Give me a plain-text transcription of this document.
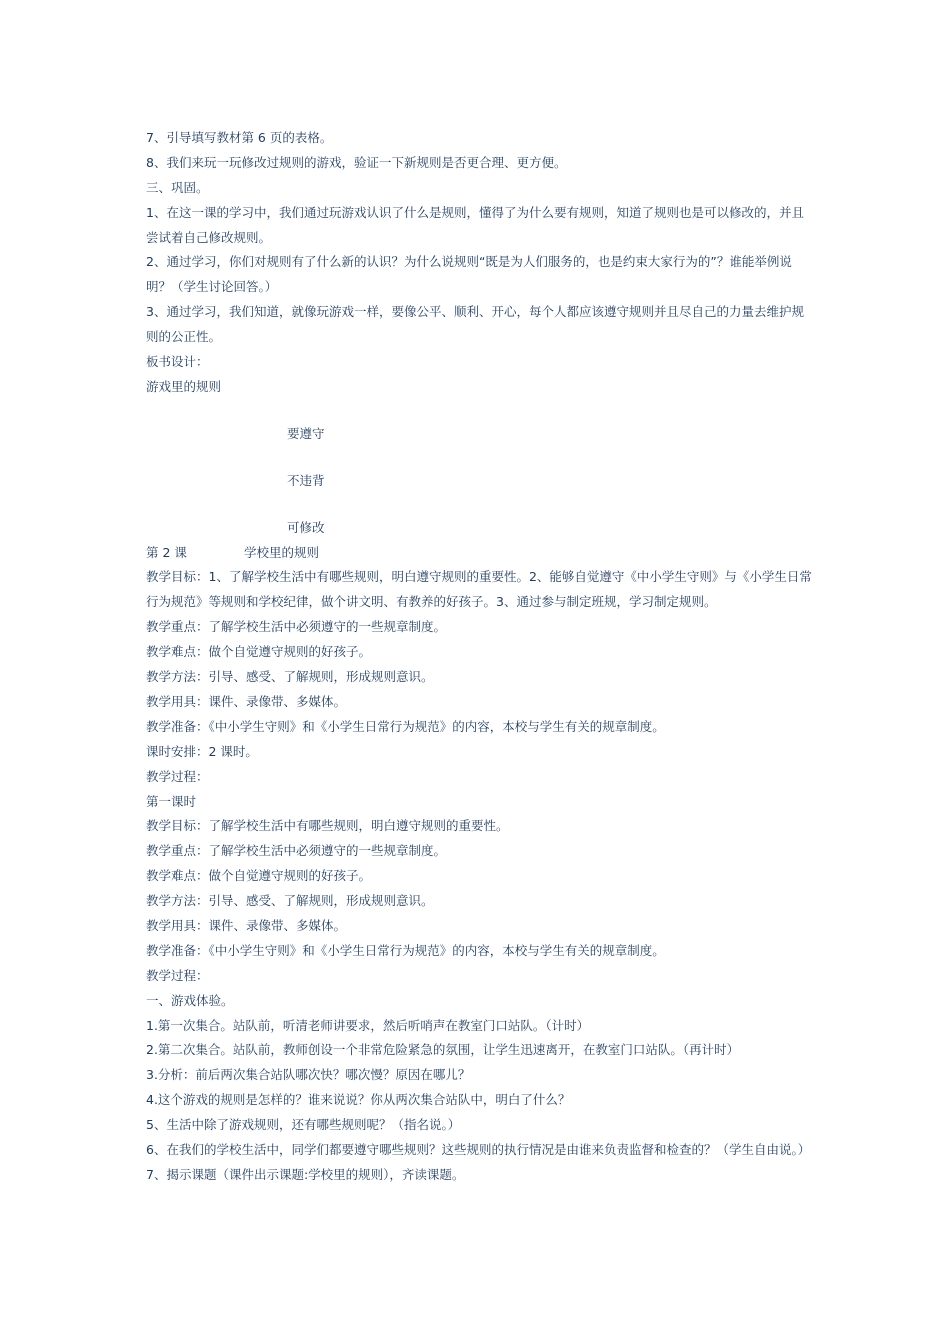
7、引导填写教材第 6 页的表格。
8、我们来玩一玩修改过规则的游戏，验证一下新规则是否更合理、更方便。
三、巩固。
1、在这一课的学习中，我们通过玩游戏认识了什么是规则，懂得了为什么要有规则，知道了规则也是可以修改的，并且尝试着自己修改规则。
2、通过学习，你们对规则有了什么新的认识？为什么说规则“既是为人们服务的，也是约束大家行为的”？谁能举例说明？（学生讨论回答。）
3、通过学习，我们知道，就像玩游戏一样，要像公平、顺利、开心，每个人都应该遵守规则并且尽自己的力量去维护规则的公正性。
板书设计：
游戏里的规则
要遵守
不违背
可修改
第 2 课	学校里的规则
教学目标：1、了解学校生活中有哪些规则，明白遵守规则的重要性。2、能够自觉遵守《中小学生守则》与《小学生日常行为规范》等规则和学校纪律，做个讲文明、有教养的好孩子。3、通过参与制定班规，学习制定规则。
教学重点：了解学校生活中必须遵守的一些规章制度。
教学难点：做个自觉遵守规则的好孩子。
教学方法：引导、感受、了解规则，形成规则意识。
教学用具：课件、录像带、多媒体。
教学准备：《中小学生守则》和《小学生日常行为规范》的内容，本校与学生有关的规章制度。
课时安排：2 课时。
教学过程：
第一课时
教学目标：了解学校生活中有哪些规则，明白遵守规则的重要性。
教学重点：了解学校生活中必须遵守的一些规章制度。
教学难点：做个自觉遵守规则的好孩子。
教学方法：引导、感受、了解规则，形成规则意识。
教学用具：课件、录像带、多媒体。
教学准备：《中小学生守则》和《小学生日常行为规范》的内容，本校与学生有关的规章制度。
教学过程：
一、游戏体验。
1.第一次集合。站队前，听清老师讲要求，然后听哨声在教室门口站队。（计时）
2.第二次集合。站队前，教师创设一个非常危险紧急的氛围，让学生迅速离开，在教室门口站队。（再计时）
3.分析：前后两次集合站队哪次快？哪次慢？原因在哪儿？
4.这个游戏的规则是怎样的？谁来说说？你从两次集合站队中，明白了什么？
5、生活中除了游戏规则，还有哪些规则呢？（指名说。）
6、在我们的学校生活中，同学们都要遵守哪些规则？这些规则的执行情况是由谁来负责监督和检查的？（学生自由说。）
7、揭示课题（课件出示课题:学校里的规则），齐读课题。
